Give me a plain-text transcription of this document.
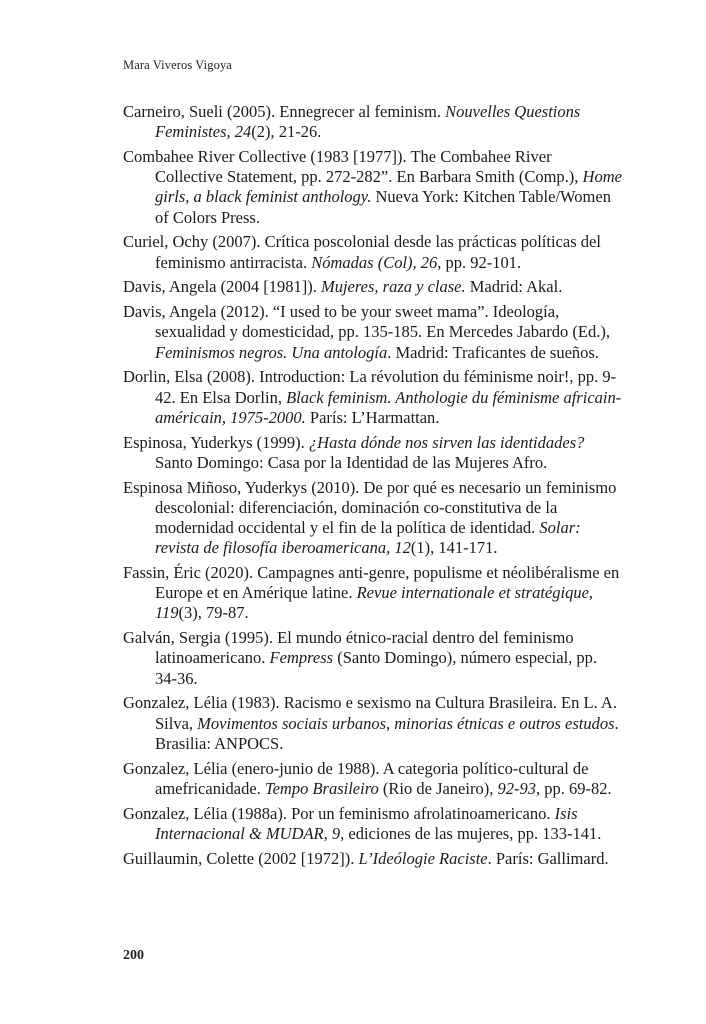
Mara Viveros Vigoya
Carneiro, Sueli (2005). Ennegrecer al feminism. Nouvelles Questions Feministes, 24(2), 21-26.
Combahee River Collective (1983 [1977]). The Combahee River Collective Statement, pp. 272-282”. En Barbara Smith (Comp.), Home girls, a black feminist anthology. Nueva York: Kitchen Table/Women of Colors Press.
Curiel, Ochy (2007). Crítica poscolonial desde las prácticas políticas del feminismo antirracista. Nómadas (Col), 26, pp. 92-101.
Davis, Angela (2004 [1981]). Mujeres, raza y clase. Madrid: Akal.
Davis, Angela (2012). “I used to be your sweet mama”. Ideología, sexualidad y domesticidad, pp. 135-185. En Mercedes Jabardo (Ed.), Feminismos negros. Una antología. Madrid: Traficantes de sueños.
Dorlin, Elsa (2008). Introduction: La révolution du féminisme noir!, pp. 9-42. En Elsa Dorlin, Black feminism. Anthologie du féminisme africain-américain, 1975-2000. París: L’Harmattan.
Espinosa, Yuderkys (1999). ¿Hasta dónde nos sirven las identidades? Santo Domingo: Casa por la Identidad de las Mujeres Afro.
Espinosa Miñoso, Yuderkys (2010). De por qué es necesario un feminismo descolonial: diferenciación, dominación co-constitutiva de la modernidad occidental y el fin de la política de identidad. Solar: revista de filosofía iberoamericana, 12(1), 141-171.
Fassin, Éric (2020). Campagnes anti-genre, populisme et néolibéralisme en Europe et en Amérique latine. Revue internationale et stratégique, 119(3), 79-87.
Galván, Sergia (1995). El mundo étnico-racial dentro del feminismo latinoamericano. Fempress (Santo Domingo), número especial, pp. 34-36.
Gonzalez, Lélia (1983). Racismo e sexismo na Cultura Brasileira. En L. A. Silva, Movimentos sociais urbanos, minorias étnicas e outros estudos. Brasilia: ANPOCS.
Gonzalez, Lélia (enero-junio de 1988). A categoria político-cultural de amefricanidade. Tempo Brasileiro (Rio de Janeiro), 92-93, pp. 69-82.
Gonzalez, Lélia (1988a). Por un feminismo afrolatinoamericano. Isis Internacional & MUDAR, 9, ediciones de las mujeres, pp. 133-141.
Guillaumin, Colette (2002 [1972]). L’Ideólogie Raciste. París: Gallimard.
200
